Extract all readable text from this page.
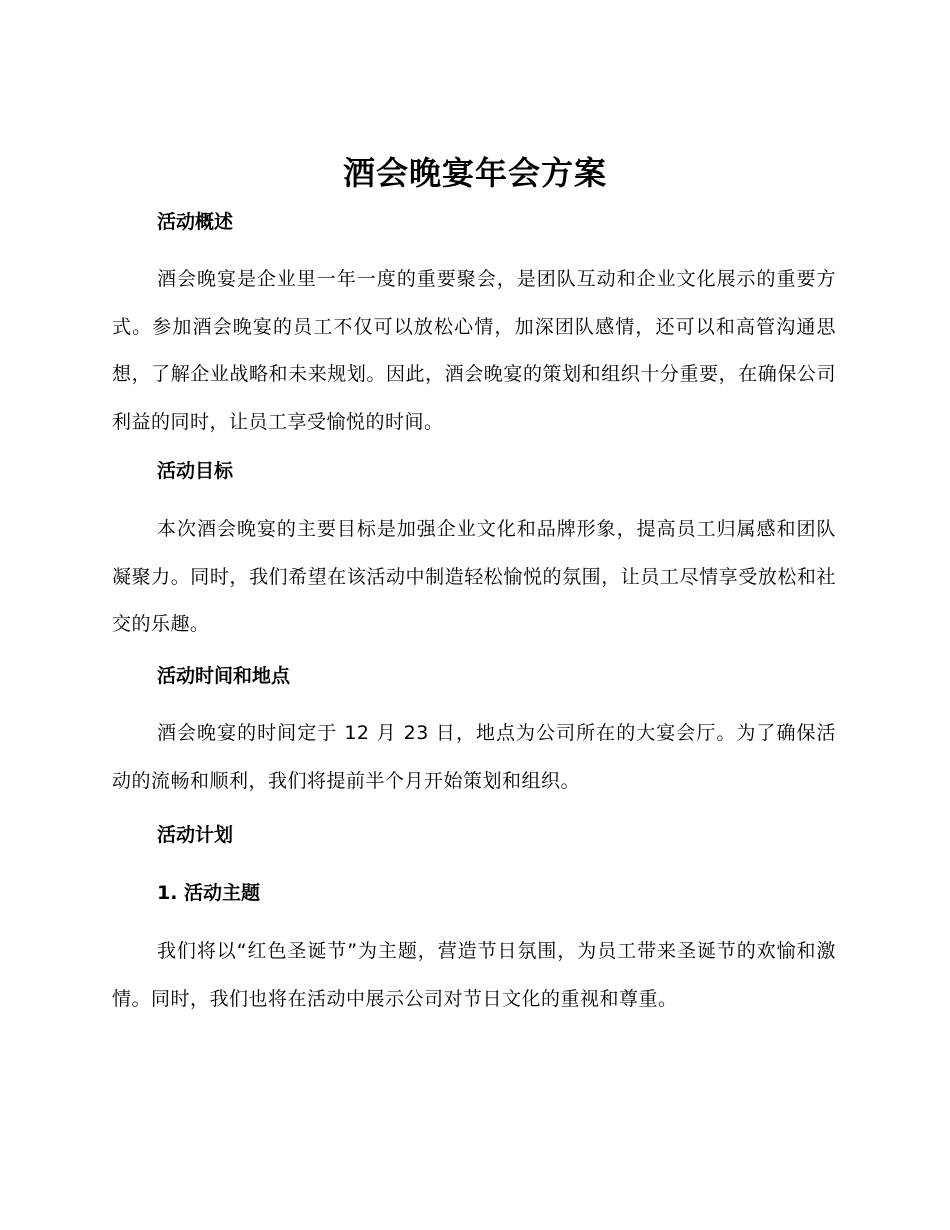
酒会晚宴年会方案
活动概述

酒会晚宴是企业里一年一度的重要聚会，是团队互动和企业文化展示的重要方式。参加酒会晚宴的员工不仅可以放松心情，加深团队感情，还可以和高管沟通思想，了解企业战略和未来规划。因此，酒会晚宴的策划和组织十分重要，在确保公司利益的同时，让员工享受愉悦的时间。

活动目标

本次酒会晚宴的主要目标是加强企业文化和品牌形象，提高员工归属感和团队凝聚力。同时，我们希望在该活动中制造轻松愉悦的氛围，让员工尽情享受放松和社交的乐趣。

活动时间和地点

酒会晚宴的时间定于 12 月 23 日，地点为公司所在的大宴会厅。为了确保活动的流畅和顺利，我们将提前半个月开始策划和组织。

活动计划
1. 活动主题

我们将以“红色圣诞节”为主题，营造节日氛围，为员工带来圣诞节的欢愉和激情。同时，我们也将在活动中展示公司对节日文化的重视和尊重。
